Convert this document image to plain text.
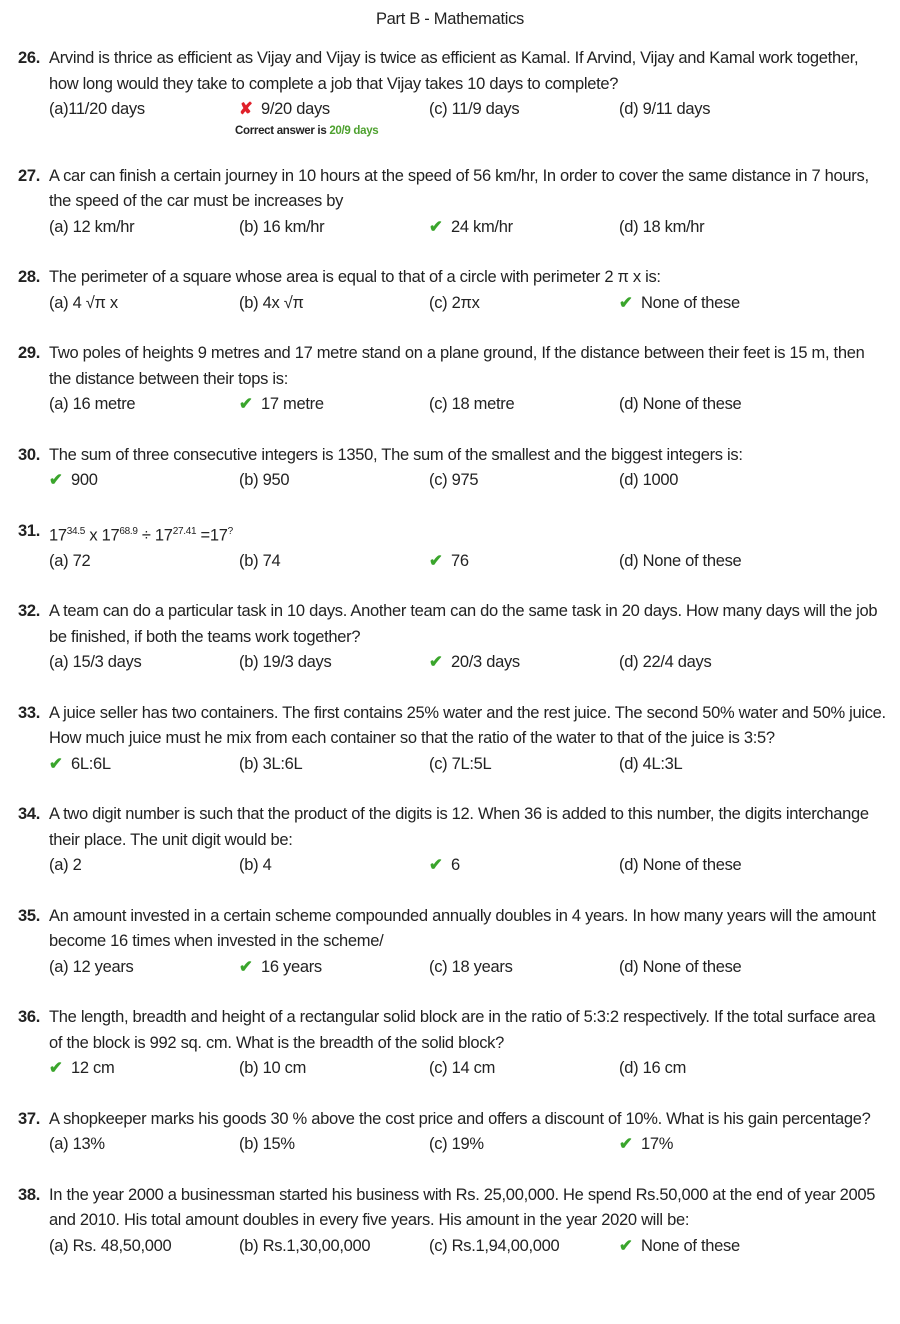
Part B - Mathematics
26. Arvind is thrice as efficient as Vijay and Vijay is twice as efficient as Kamal. If Arvind, Vijay and Kamal work together, how long would they take to complete a job that Vijay takes 10 days to complete?
(a)11/20 days	✘ 9/20 days	(c) 11/9 days	(d) 9/11 days
Correct answer is 20/9 days
27. A car can finish a certain journey in 10 hours at the speed of 56 km/hr, In order to cover the same distance in 7 hours, the speed of the car must be increases by
(a) 12 km/hr	(b) 16 km/hr	✔ 24 km/hr	(d) 18 km/hr
28. The perimeter of a square whose area is equal to that of a circle with perimeter 2 π x is:
(a) 4 √π x	(b) 4x √π	(c) 2πx	✔ None of these
29. Two poles of heights 9 metres and 17 metre stand on a plane ground, If the distance between their feet is 15 m, then the distance between their tops is:
(a) 16 metre	✔ 17 metre	(c) 18 metre	(d) None of these
30. The sum of three consecutive integers is 1350, The sum of the smallest and the biggest integers is:
✔ 900	(b) 950	(c) 975	(d) 1000
31. $17^{34.5}$ x $17^{68.9} \div 17^{27.41} =17^?$
(a) 72	(b) 74	✔ 76	(d) None of these
32. A team can do a particular task in 10 days. Another team can do the same task in 20 days. How many days will the job be finished, if both the teams work together?
(a) 15/3 days	(b) 19/3 days	✔ 20/3 days	(d) 22/4 days
33. A juice seller has two containers. The first contains 25% water and the rest juice. The second 50% water and 50% juice. How much juice must he mix from each container so that the ratio of the water to that of the juice is 3:5?
✔ 6L:6L	(b) 3L:6L	(c) 7L:5L	(d) 4L:3L
34. A two digit number is such that the product of the digits is 12. When 36 is added to this number, the digits interchange their place. The unit digit would be:
(a) 2	(b) 4	✔ 6	(d) None of these
35. An amount invested in a certain scheme compounded annually doubles in 4 years. In how many years will the amount become 16 times when invested in the scheme/
(a) 12 years	✔ 16 years	(c) 18 years	(d) None of these
36. The length, breadth and height of a rectangular solid block are in the ratio of 5:3:2 respectively. If the total surface area of the block is 992 sq. cm. What is the breadth of the solid block?
✔ 12 cm	(b) 10 cm	(c) 14 cm	(d) 16 cm
37. A shopkeeper marks his goods 30 % above the cost price and offers a discount of 10%. What is his gain percentage?
(a) 13%	(b) 15%	(c) 19%	✔ 17%
38. In the year 2000 a businessman started his business with Rs. 25,00,000. He spend Rs.50,000 at the end of year 2005 and 2010. His total amount doubles in every five years. His amount in the year 2020 will be:
(a) Rs. 48,50,000	(b) Rs.1,30,00,000	(c) Rs.1,94,00,000	✔ None of these
